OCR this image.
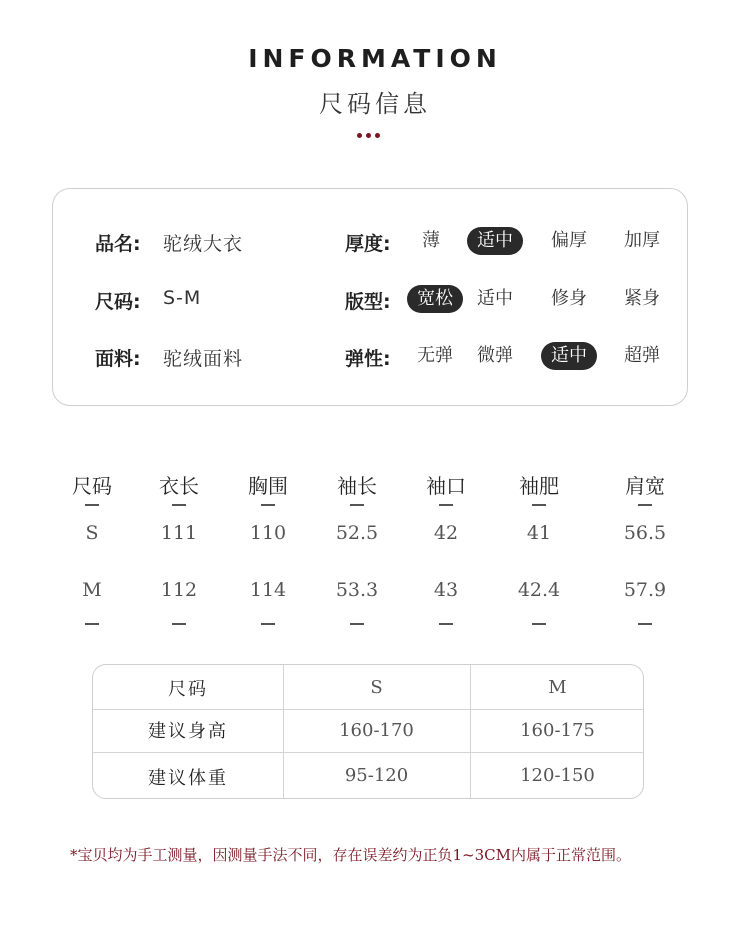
INFORMATION
尺码信息
品名: 驼绒大衣	厚度:	薄	适中	偏厚	加厚
尺码: S-M	版型:	宽松	适中	修身	紧身
面料: 驼绒面料	弹性:	无弹	微弹	适中	超弹
尺码	衣长	胸围	袖长	袖口	袖肥	肩宽
S	111	110	52.5	42	41	56.5
M	112	114	53.3	43	42.4	57.9
尺码	S	M
建议身高	160-170	160-175
建议体重	95-120	120-150
*宝贝均为手工测量，因测量手法不同，存在误差约为正负1~3CM内属于正常范围。
